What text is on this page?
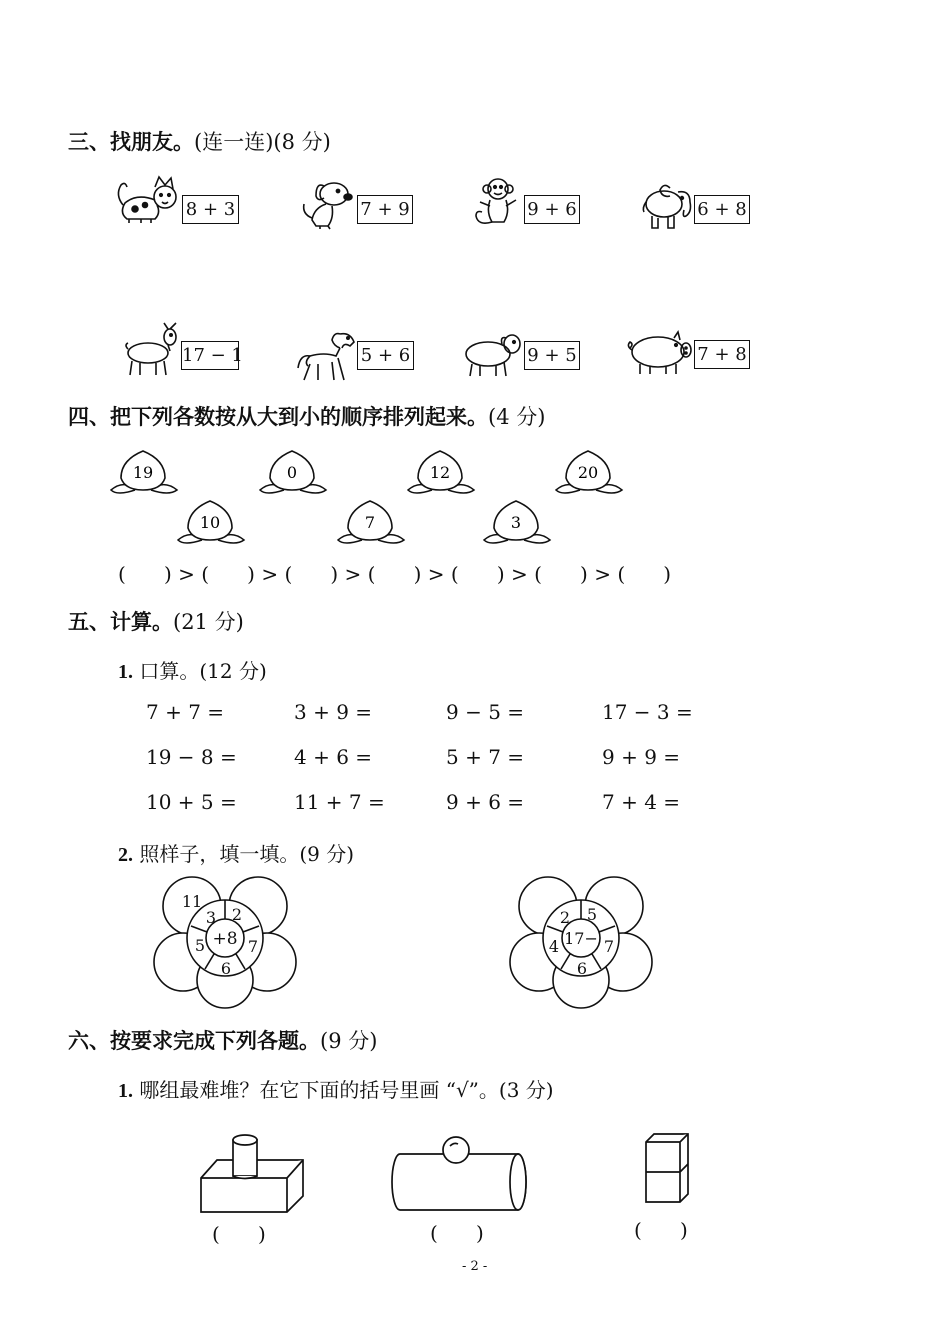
三、找朋友。(连一连)(8 分)
8 + 3	7 + 9	9 + 6	6 + 8
17 − 1	5 + 6	9 + 5	7 + 8
四、把下列各数按从大到小的顺序排列起来。(4 分)
19	0	12	20
10	7	3
(      ) > (      ) > (      ) > (      ) > (      ) > (      ) > (      )
五、计算。(21 分)
1. 口算。(12 分)
7 + 7 =	3 + 9 =	9 − 5 =	17 − 3 =
19 − 8 =	4 + 6 =	5 + 7 =	9 + 9 =
10 + 5 =	11 + 7 =	9 + 6 =	7 + 4 =
2. 照样子，填一填。(9 分)
11
+8
3 2
5	7
6
17−
2 5
4	7
6
六、按要求完成下列各题。(9 分)
1. 哪组最难堆？在它下面的括号里画 “√”。(3 分)
(      )	(      )	(      )
- 2 -
